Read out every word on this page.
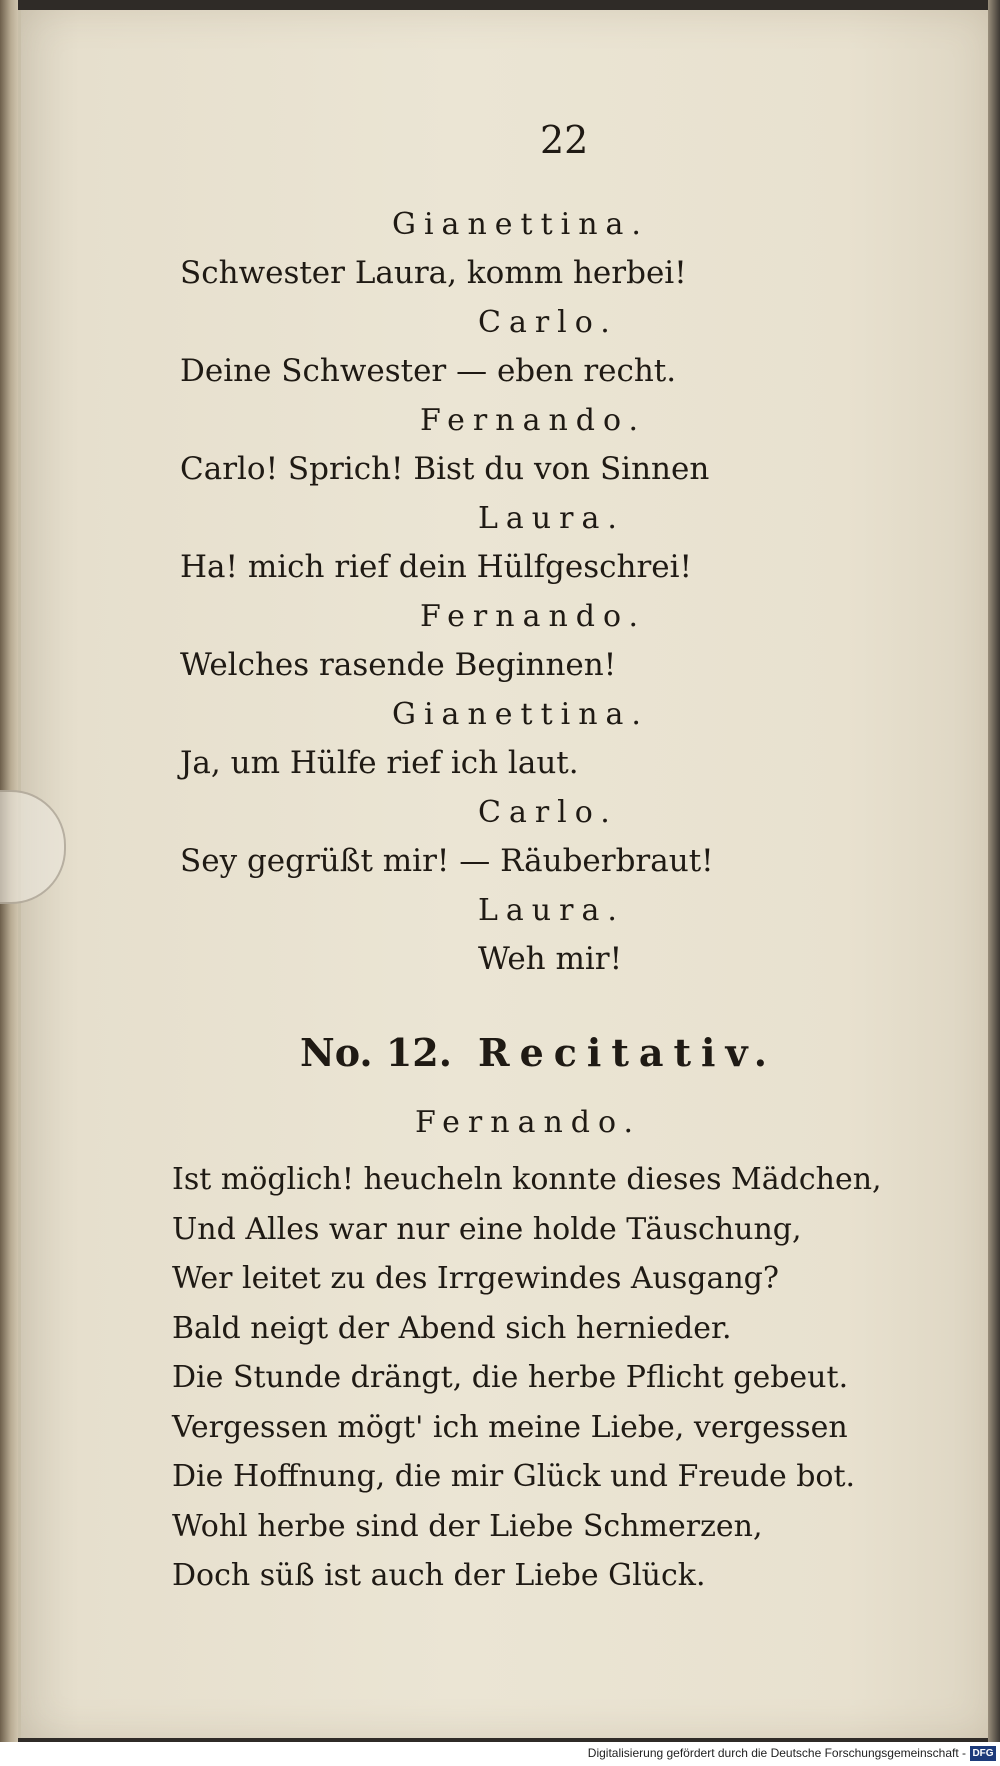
22
Gianettina.
Schwester Laura, komm herbei!
Carlo.
Deine Schwester — eben recht.
Fernando.
Carlo! Sprich! Bist du von Sinnen
Laura.
Ha! mich rief dein Hülfgeschrei!
Fernando.
Welches rasende Beginnen!
Gianettina.
Ja, um Hülfe rief ich laut.
Carlo.
Sey gegrüßt mir! — Räuberbraut!
Laura.
Weh mir!
No. 12. Recitativ.
Fernando.
Ist möglich! heucheln konnte dieses Mädchen,
Und Alles war nur eine holde Täuschung,
Wer leitet zu des Irrgewindes Ausgang?
Bald neigt der Abend sich hernieder.
Die Stunde drängt, die herbe Pflicht gebeut.
Vergessen mögt' ich meine Liebe, vergessen
Die Hoffnung, die mir Glück und Freude bot.
Wohl herbe sind der Liebe Schmerzen,
Doch süß ist auch der Liebe Glück.
Digitalisierung gefördert durch die Deutsche Forschungsgemeinschaft - DFG
